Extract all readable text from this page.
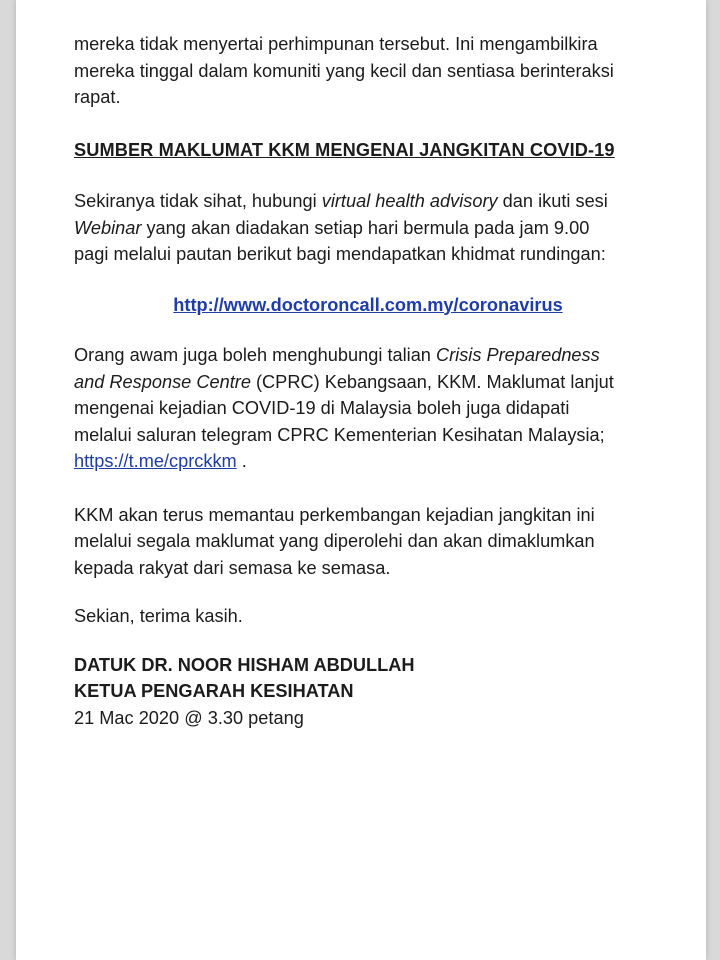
mereka tidak menyertai perhimpunan tersebut. Ini mengambilkira
mereka tinggal dalam komuniti yang kecil dan sentiasa berinteraksi
rapat.

SUMBER MAKLUMAT KKM MENGENAI JANGKITAN COVID-19

Sekiranya tidak sihat, hubungi virtual health advisory dan ikuti sesi
Webinar yang akan diadakan setiap hari bermula pada jam 9.00
pagi melalui pautan berikut bagi mendapatkan khidmat rundingan:

http://www.doctoroncall.com.my/coronavirus

Orang awam juga boleh menghubungi talian Crisis Preparedness
and Response Centre (CPRC) Kebangsaan, KKM. Maklumat lanjut
mengenai kejadian COVID-19 di Malaysia boleh juga didapati
melalui saluran telegram CPRC Kementerian Kesihatan Malaysia;
https://t.me/cprckkm .

KKM akan terus memantau perkembangan kejadian jangkitan ini
melalui segala maklumat yang diperolehi dan akan dimaklumkan
kepada rakyat dari semasa ke semasa.

Sekian, terima kasih.

DATUK DR. NOOR HISHAM ABDULLAH
KETUA PENGARAH KESIHATAN
21 Mac 2020 @ 3.30 petang
